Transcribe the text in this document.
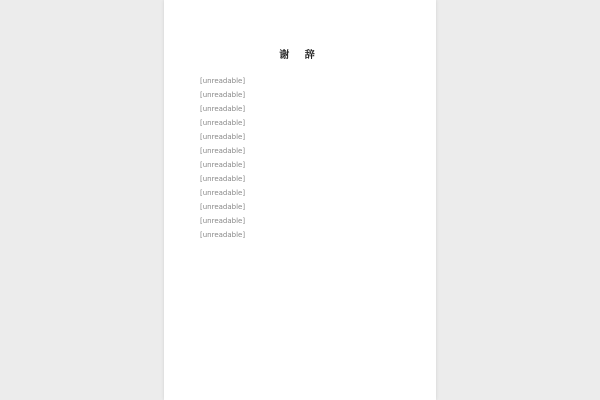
谢 辞

[unreadable]

[unreadable]

[unreadable]

[unreadable]

[unreadable]

[unreadable]

[unreadable]

[unreadable]

[unreadable]

[unreadable]

[unreadable]

[unreadable]
